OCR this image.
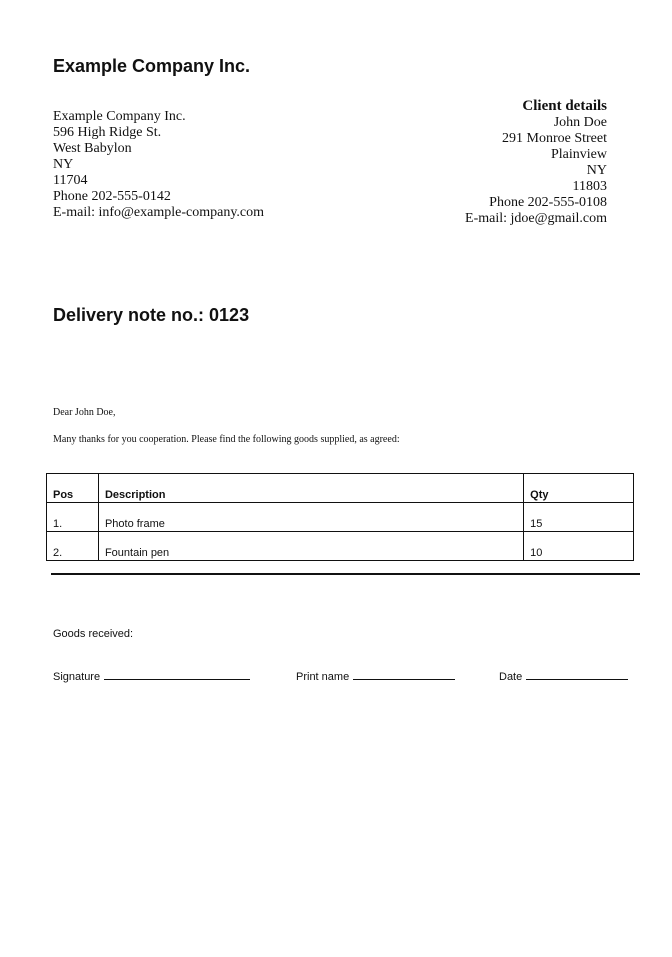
Example Company Inc.
Example Company Inc.
596 High Ridge St.
West Babylon
NY
11704
Phone 202-555-0142
E-mail: info@example-company.com
Client details
John Doe
291 Monroe Street
Plainview
NY
11803
Phone 202-555-0108
E-mail: jdoe@gmail.com
Delivery note no.: 0123
Dear John Doe,
Many thanks for you cooperation. Please find the following goods supplied, as agreed:
Pos	Description	Qty
1.	Photo frame	15
2.	Fountain pen	10
Goods received:
Signature	Print name	Date
